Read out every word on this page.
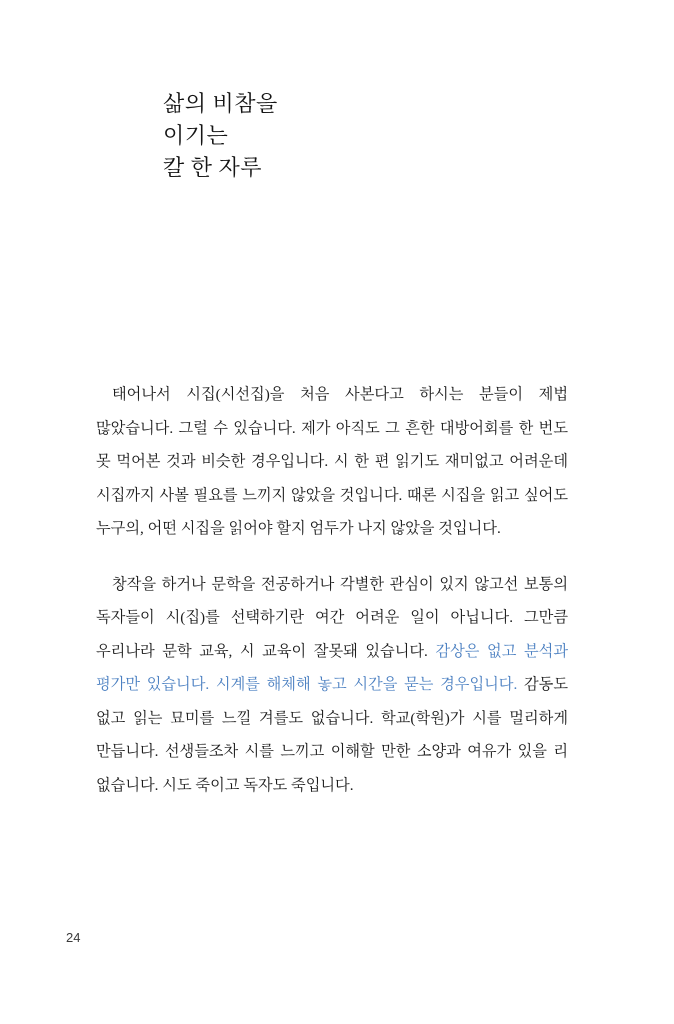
삶의 비참을
이기는
칼 한 자루

태어나서 시집(시선집)을 처음 사본다고 하시는 분들이 제법 많았습니다. 그럴 수 있습니다. 제가 아직도 그 흔한 대방어회를 한 번도 못 먹어본 것과 비슷한 경우입니다. 시 한 편 읽기도 재미없고 어려운데 시집까지 사볼 필요를 느끼지 않았을 것입니다. 때론 시집을 읽고 싶어도 누구의, 어떤 시집을 읽어야 할지 엄두가 나지 않았을 것입니다.

창작을 하거나 문학을 전공하거나 각별한 관심이 있지 않고선 보통의 독자들이 시(집)를 선택하기란 여간 어려운 일이 아닙니다. 그만큼 우리나라 문학 교육, 시 교육이 잘못돼 있습니다. 감상은 없고 분석과 평가만 있습니다. 시계를 해체해 놓고 시간을 묻는 경우입니다. 감동도 없고 읽는 묘미를 느낄 겨를도 없습니다. 학교(학원)가 시를 멀리하게 만듭니다. 선생들조차 시를 느끼고 이해할 만한 소양과 여유가 있을 리 없습니다. 시도 죽이고 독자도 죽입니다.

24
